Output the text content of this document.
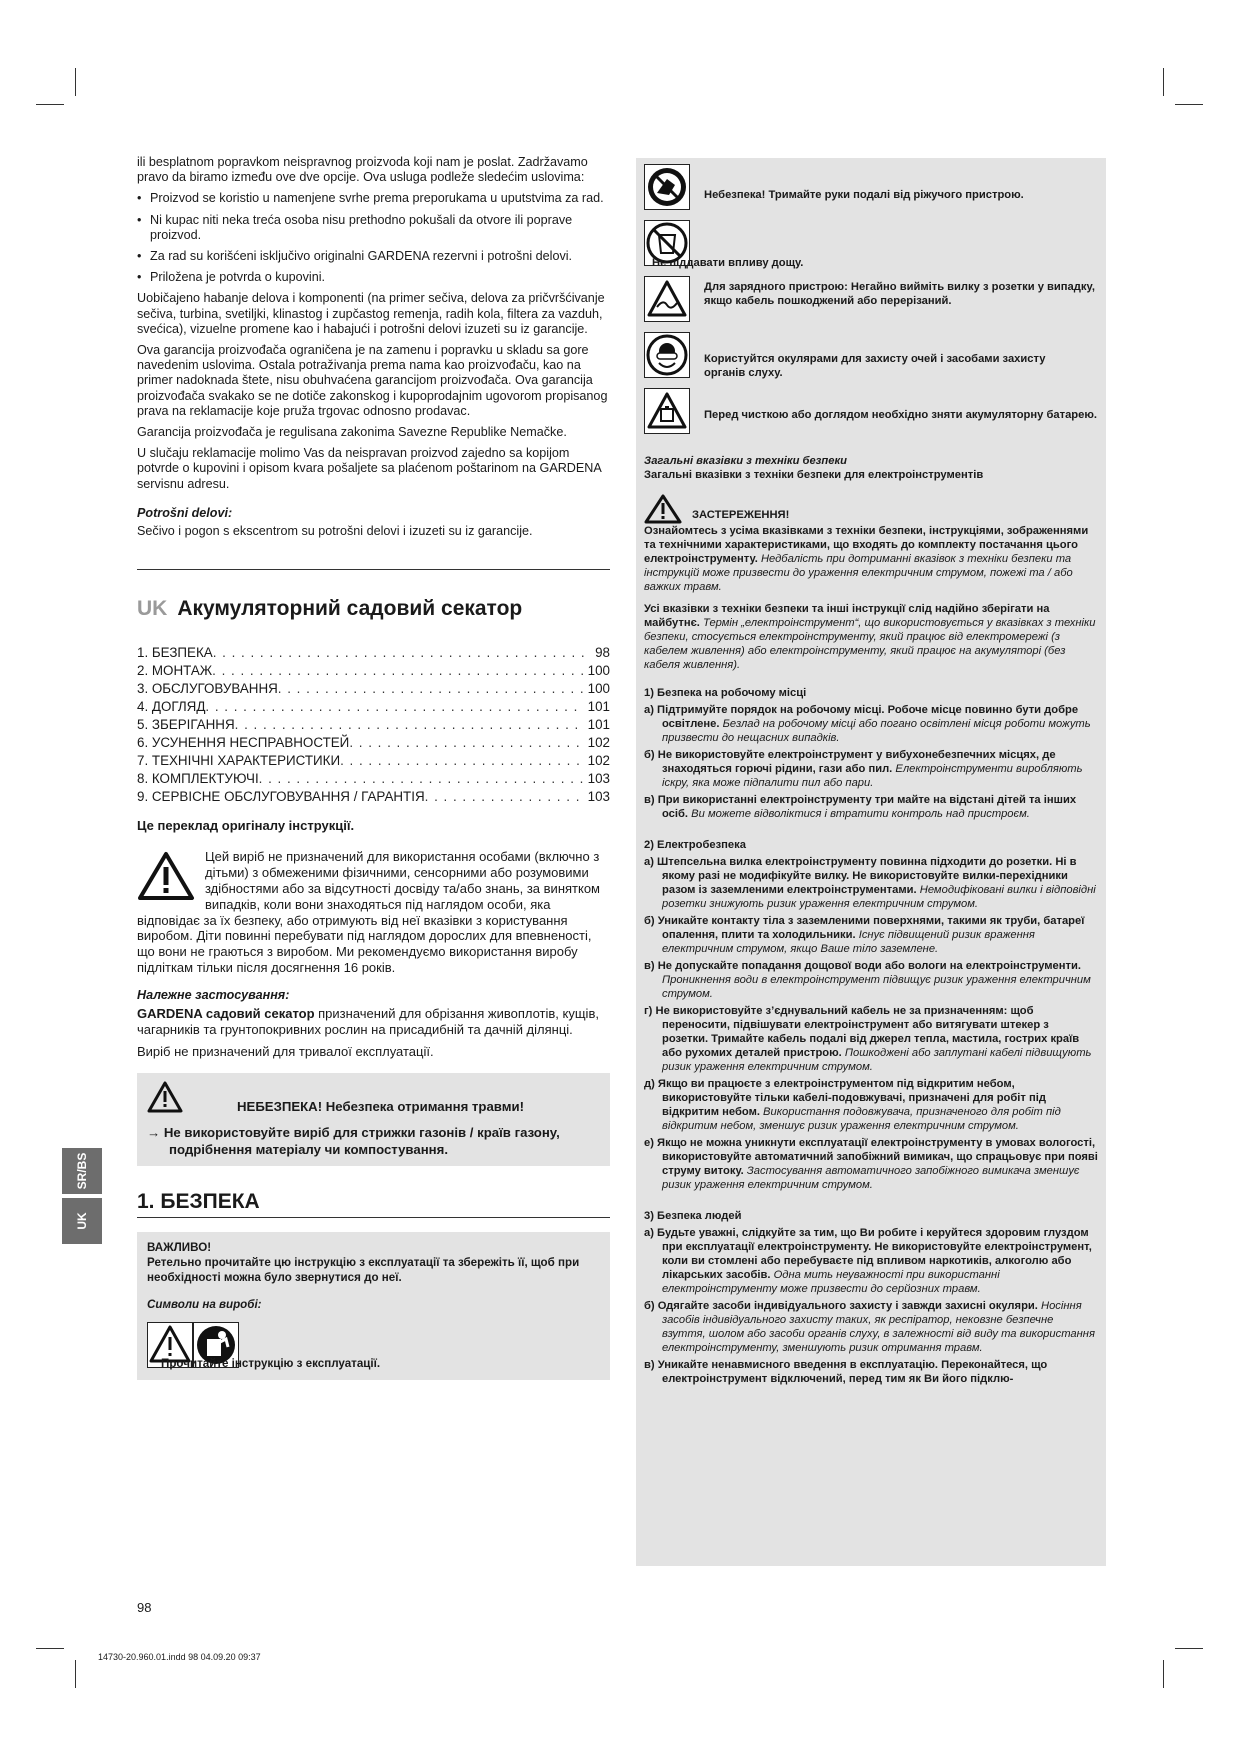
SR/BS
UK

ili besplatnom popravkom neispravnog proizvoda koji nam je poslat. Zadržavamo pravo da biramo između ove dve opcije. Ova usluga podleže sledećim uslovima:

• Proizvod se koristio u namenjene svrhe prema preporukama u uputstvima za rad.
• Ni kupac niti neka treća osoba nisu prethodno pokušali da otvore ili poprave proizvod.
• Za rad su korišćeni isključivo originalni GARDENA rezervni i potrošni delovi.
• Priložena je potvrda o kupovini.

Uobičajeno habanje delova i komponenti (na primer sečiva, delova za pričvršćivanje sečiva, turbina, svetiljki, klinastog i zupčastog remenja, radih kola, filtera za vazduh, svećica), vizuelne promene kao i habajući i potrošni delovi izuzeti su iz garancije.

Ova garancija proizvođača ograničena je na zamenu i popravku u skladu sa gore navedenim uslovima. Ostala potraživanja prema nama kao proizvođaču, kao na primer nadoknada štete, nisu obuhvaćena garancijom proizvođača. Ova garancija proizvođača svakako se ne dotiče zakonskog i kupoprodajnim ugovorom propisanog prava na reklamacije koje pruža trgovac odnosno prodavac.

Garancija proizvođača je regulisana zakonima Savezne Republike Nemačke.

U slučaju reklamacije molimo Vas da neispravan proizvod zajedno sa kopijom potvrde o kupovini i opisom kvara pošaljete sa plaćenom poštarinom na GARDENA servisnu adresu.

Potrošni delovi:

Sečivo i pogon s ekscentrom su potrošni delovi i izuzeti su iz garancije.

UK Акумуляторний садовий секатор
1. БЕЗПЕКА . . .	98
2. МОНТАЖ . . .	100
3. ОБСЛУГОВУВАННЯ . . .	100
4. ДОГЛЯД . . .	101
5. ЗБЕРІГАННЯ . . .	101
6. УСУНЕННЯ НЕСПРАВНОСТЕЙ . . .	102
7. ТЕХНІЧНІ ХАРАКТЕРИСТИКИ . . .	102
8. КОМПЛЕКТУЮЧІ . . .	103
9. СЕРВІСНЕ ОБСЛУГОВУВАННЯ / ГАРАНТІЯ . . .	103
Це переклад оригіналу інструкції.
Цей виріб не призначений для використання особами (включно з дітьми) з обмеженими фізичними, сенсорними або розумовими здібностями або за відсутності досвіду та/або знань, за винятком випадків, коли вони знаходяться під наглядом особи, яка відповідає за їх безпеку, або отримують від неї вказівки з користування виробом. Діти повинні перебувати під наглядом дорослих для впевненості, що вони не граються з виробом. Ми рекомендуємо використання виробу підліткам тільки після досягнення 16 років.
Належне застосування:

GARDENA садовий секатор призначений для обрізання живоплотів, кущів, чагарників та грунтопокривних рослин на присадибній та дачній ділянці.

Виріб не призначений для тривалої експлуатації.

НЕБЕЗПЕКА! Небезпека отримання травми!
→ Не використовуйте виріб для стрижки газонів / країв газону, подрібнення матеріалу чи компостування.
1. БЕЗПЕКА
ВАЖЛИВО!
Ретельно прочитайте цю інструкцію з експлуатації та збережіть її, щоб при необхідності можна було звернутися до неї.
Символи на виробі:
Прочитайте інструкцію з експлуатації.
Небезпека! Тримайте руки подалі від ріжучого пристрою.
Не піддавати впливу дощу.
Для зарядного пристрою: Негайно вийміть вилку з розетки у випадку, якщо кабель пошкоджений або перерізаний.
Користуйтся окулярами для захисту очей і засобами захисту органів слуху.
Перед чисткою або доглядом необхідно зняти акумуляторну батарею.
Загальні вказівки з техніки безпеки
Загальні вказівки з техніки безпеки для електроінструментів
ЗАСТЕРЕЖЕННЯ!
Ознайомтесь з усіма вказівками з техніки безпеки, інструкціями, зображеннями та технічними характеристиками, що входять до комплекту постачання цього електроінструменту. Недбалість при дотриманні вказівок з техніки безпеки та інструкцій може призвести до ураження електричним струмом, пожежі та / або важких травм.
Усі вказівки з техніки безпеки та інші інструкції слід надійно зберігати на майбутнє. Термін „електроінструмент“, що використовується у вказівках з техніки безпеки, стосується електроінструменту, який працює від електромережі (з кабелем живлення) або електроінструменту, який працює на акумуляторі (без кабеля живлення).
1) Безпека на робочому місці
а) Підтримуйте порядок на робочому місці. Робоче місце повинно бути добре освітлене. Безлад на робочому місці або погано освітлені місця роботи можуть призвести до нещасних випадків.
б) Не використовуйте електроінструмент у вибухонебезпечних місцях, де знаходяться горючі рідини, гази або пил. Електроінструменти виробляють іскру, яка може підпалити пил або пари.
в) При використанні електроінструменту три майте на відстані дітей та інших осіб. Ви можете відволіктися і втратити контроль над пристроєм.
2) Електробезпека
а) Штепсельна вилка електроінструменту повинна підходити до розетки. Ні в якому разі не модифікуйте вилку. Не використовуйте вилки-перехідники разом із заземленими електроінструментами. Немодифіковані вилки і відповідні розетки знижують ризик ураження електричним струмом.
б) Уникайте контакту тіла з заземленими поверхнями, такими як труби, батареї опалення, плити та холодильники. Існує підвищений ризик враження електричним струмом, якщо Ваше тіло заземлене.
в) Не допускайте попадання дощової води або вологи на електроінструменти. Проникнення води в електроінструмент підвищує ризик ураження електричним струмом.
г) Не використовуйте з’єднувальний кабель не за призначенням: щоб переносити, підвішувати електроінструмент або витягувати штекер з розетки. Тримайте кабель подалі від джерел тепла, мастила, гострих країв або рухомих деталей пристрою. Пошкоджені або заплутані кабелі підвищують ризик ураження електричним струмом.
д) Якщо ви працюєте з електроінструментом під відкритим небом, використовуйте тільки кабелі-подовжувачі, призначені для робіт під відкритим небом. Використання подовжувача, призначеного для робіт під відкритим небом, зменшує ризик ураження електричним струмом.
е) Якщо не можна уникнути експлуатації електроінструменту в умовах вологості, використовуйте автоматичний запобіжний вимикач, що спрацьовує при появі струму витоку. Застосування автоматичного запобіжного вимикача зменшує ризик ураження електричним струмом.
3) Безпека людей
а) Будьте уважні, слідкуйте за тим, що Ви робите і керуйтеся здоровим глуздом при експлуатації електроінструменту. Не використовуйте електроінструмент, коли ви стомлені або перебуваєте під впливом наркотиків, алкоголю або лікарських засобів. Одна мить неуважності при використанні електроінструменту може призвести до серйозних травм.
б) Одягайте засоби індивідуального захисту і завжди захисні окуляри. Носіння засобів індивідуального захисту таких, як респіратор, нековзне безпечне взуття, шолом або засоби органів слуху, в залежності від виду та використання електроінструменту, зменшують ризик отримання травм.
в) Уникайте ненавмисного введення в експлуатацію. Переконайтеся, що електроінструмент відключений, перед тим як Ви його підклю-
98
14730-20.960.01.indd 98 04.09.20 09:37
